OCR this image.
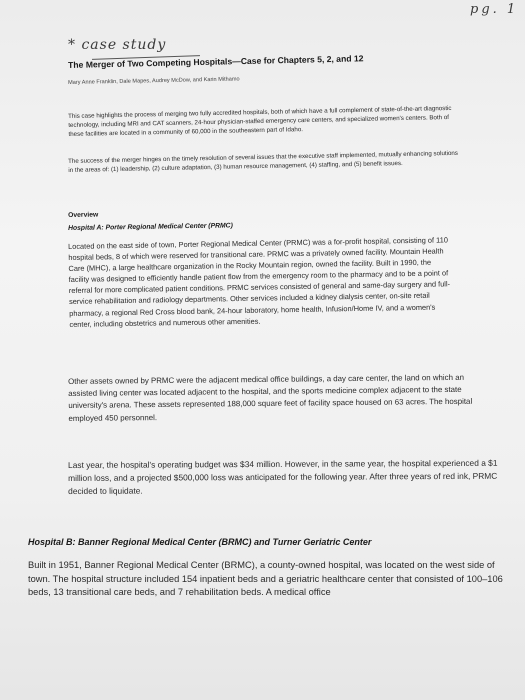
pg. 1
* case study
The Merger of Two Competing Hospitals—Case for Chapters 5, 2, and 12
Mary Anne Franklin, Dale Mapes, Audrey McDow, and Karin Mithamo
This case highlights the process of merging two fully accredited hospitals, both of which have a full complement of state-of-the-art diagnostic technology, including MRI and CAT scanners, 24-hour physician-staffed emergency care centers, and specialized women's centers. Both of these facilities are located in a community of 60,000 in the southeastern part of Idaho.
The success of the merger hinges on the timely resolution of several issues that the executive staff implemented, mutually enhancing solutions in the areas of: (1) leadership, (2) culture adaptation, (3) human resource management, (4) staffing, and (5) benefit issues.
Overview
Hospital A: Porter Regional Medical Center (PRMC)
Located on the east side of town, Porter Regional Medical Center (PRMC) was a for-profit hospital, consisting of 110 hospital beds, 8 of which were reserved for transitional care. PRMC was a privately owned facility. Mountain Health Care (MHC), a large healthcare organization in the Rocky Mountain region, owned the facility. Built in 1990, the facility was designed to efficiently handle patient flow from the emergency room to the pharmacy and to be a point of referral for more complicated patient conditions. PRMC services consisted of general and same-day surgery and full-service rehabilitation and radiology departments. Other services included a kidney dialysis center, on-site retail pharmacy, a regional Red Cross blood bank, 24-hour laboratory, home health, Infusion/Home IV, and a women's center, including obstetrics and numerous other amenities.
Other assets owned by PRMC were the adjacent medical office buildings, a day care center, the land on which an assisted living center was located adjacent to the hospital, and the sports medicine complex adjacent to the state university's arena. These assets represented 188,000 square feet of facility space housed on 63 acres. The hospital employed 450 personnel.
Last year, the hospital's operating budget was $34 million. However, in the same year, the hospital experienced a $1 million loss, and a projected $500,000 loss was anticipated for the following year. After three years of red ink, PRMC decided to liquidate.
Hospital B: Banner Regional Medical Center (BRMC) and Turner Geriatric Center
Built in 1951, Banner Regional Medical Center (BRMC), a county-owned hospital, was located on the west side of town. The hospital structure included 154 inpatient beds and a geriatric healthcare center that consisted of 100–106 beds, 13 transitional care beds, and 7 rehabilitation beds. A medical office
